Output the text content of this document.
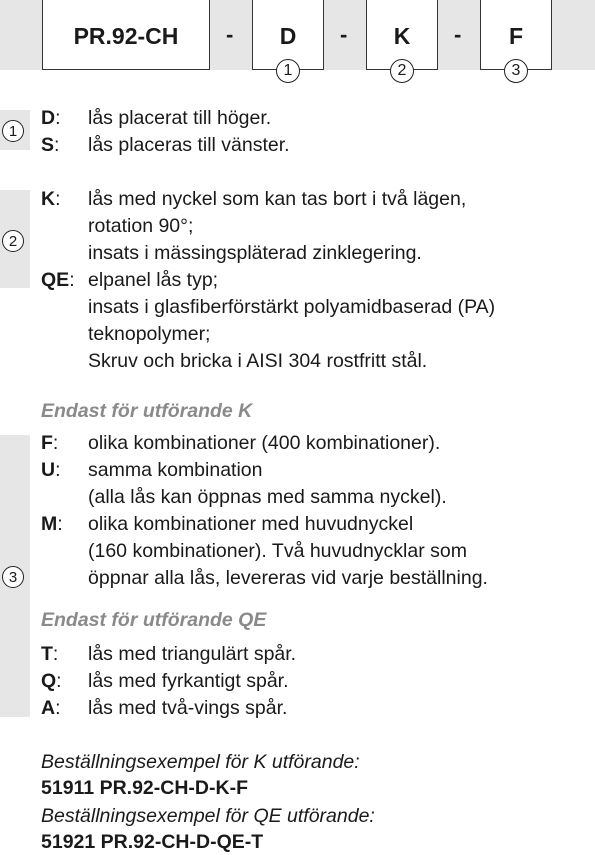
PR.92-CH - D
1
- K
2
- F
3
1
D: lås placerat till höger.
S: lås placeras till vänster.
2
K: lås med nyckel som kan tas bort i två lägen,
rotation 90°;
insats i mässingspläterad zinklegering.
QE: elpanel lås typ;
insats i glasfiberförstärkt polyamidbaserad (PA)
teknopolymer;
Skruv och bricka i AISI 304 rostfritt stål.
Endast för utförande K
3
F: olika kombinationer (400 kombinationer).
U: samma kombination
(alla lås kan öppnas med samma nyckel).
M: olika kombinationer med huvudnyckel
(160 kombinationer). Två huvudnycklar som
öppnar alla lås, levereras vid varje beställning.
Endast för utförande QE
T: lås med triangulärt spår.
Q: lås med fyrkantigt spår.
A: lås med två-vings spår.
Beställningsexempel för K utförande:
51911 PR.92-CH-D-K-F
Beställningsexempel för QE utförande:
51921 PR.92-CH-D-QE-T
